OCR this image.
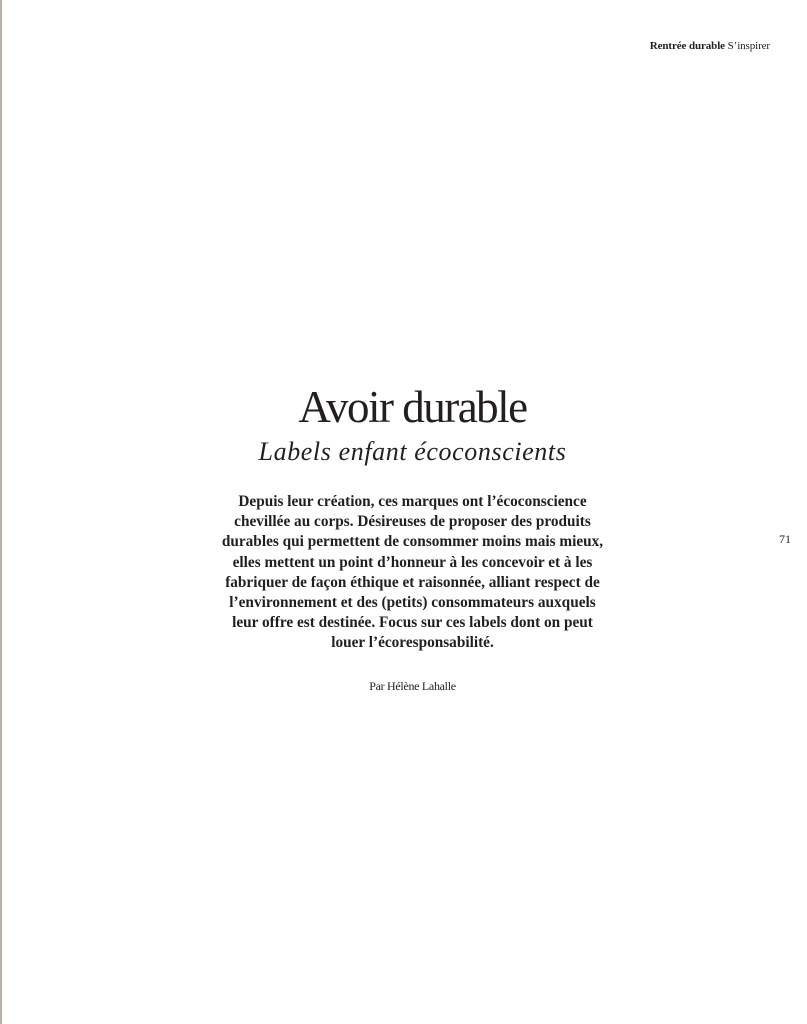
Rentrée durable S’inspirer
71
Avoir durable
Labels enfant écoconscients

Depuis leur création, ces marques ont l’écoconscience
chevillée au corps. Désireuses de proposer des produits
durables qui permettent de consommer moins mais mieux,
elles mettent un point d’honneur à les concevoir et à les
fabriquer de façon éthique et raisonnée, alliant respect de
l’environnement et des (petits) consommateurs auxquels
leur offre est destinée. Focus sur ces labels dont on peut
louer l’écoresponsabilité.

Par Hélène Lahalle
